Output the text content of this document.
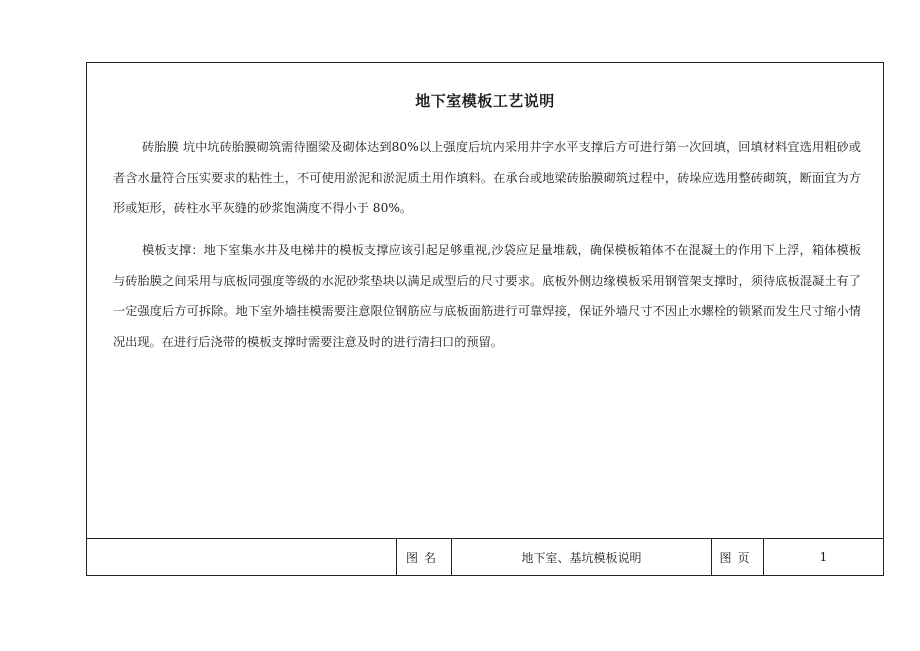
地下室模板工艺说明

砖胎膜 坑中坑砖胎膜砌筑需待圈梁及砌体达到80%以上强度后坑内采用井字水平支撑后方可进行第一次回填，回填材料宜选用粗砂或者含水量符合压实要求的粘性土，不可使用淤泥和淤泥质土用作填料。在承台或地梁砖胎膜砌筑过程中，砖垛应选用整砖砌筑，断面宜为方形或矩形，砖柱水平灰缝的砂浆饱满度不得小于 80%。

模板支撑：地下室集水井及电梯井的模板支撑应该引起足够重视,沙袋应足量堆载，确保模板箱体不在混凝土的作用下上浮，箱体模板与砖胎膜之间采用与底板同强度等级的水泥砂浆垫块以满足成型后的尺寸要求。底板外侧边缘模板采用钢管架支撑时，须待底板混凝土有了一定强度后方可拆除。地下室外墙挂模需要注意限位钢筋应与底板面筋进行可靠焊接，保证外墙尺寸不因止水螺栓的锁紧而发生尺寸缩小情况出现。在进行后浇带的模板支撑时需要注意及时的进行清扫口的预留。

图名	地下室、基坑模板说明	图页	1
